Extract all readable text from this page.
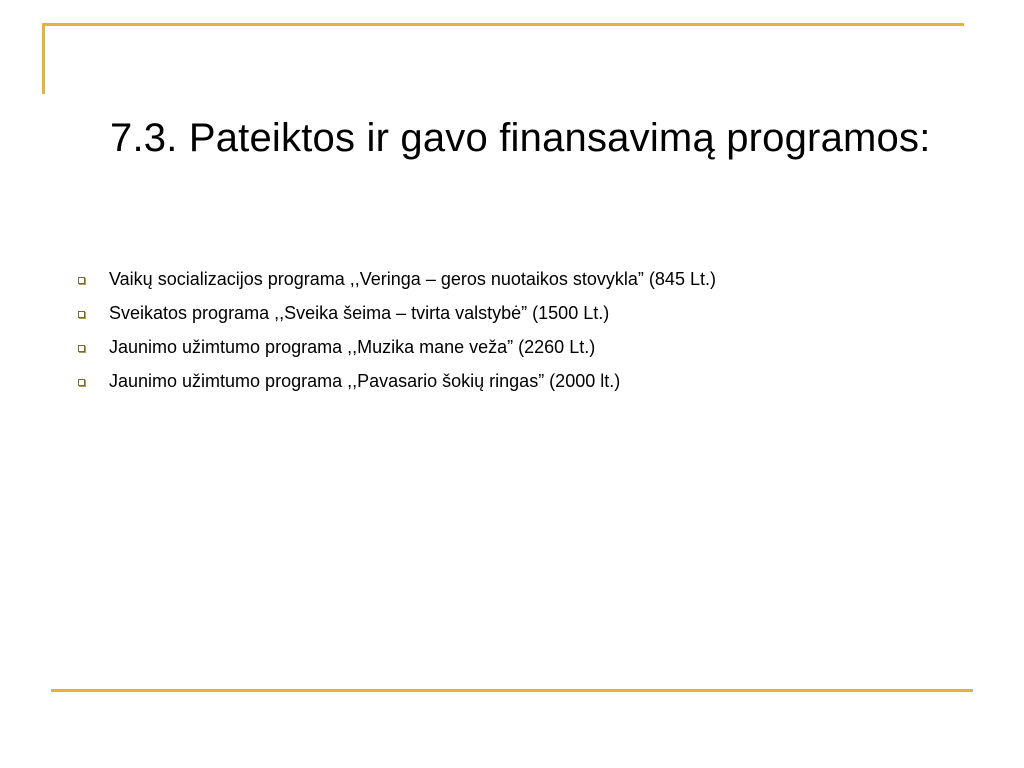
7.3. Pateiktos ir gavo finansavimą programos:
Vaikų socializacijos programa ,,Veringa – geros nuotaikos stovykla” (845 Lt.)
Sveikatos programa ,,Sveika šeima – tvirta valstybė” (1500 Lt.)
Jaunimo užimtumo programa ,,Muzika mane veža” (2260 Lt.)
Jaunimo užimtumo programa ,,Pavasario šokių ringas” (2000 lt.)
